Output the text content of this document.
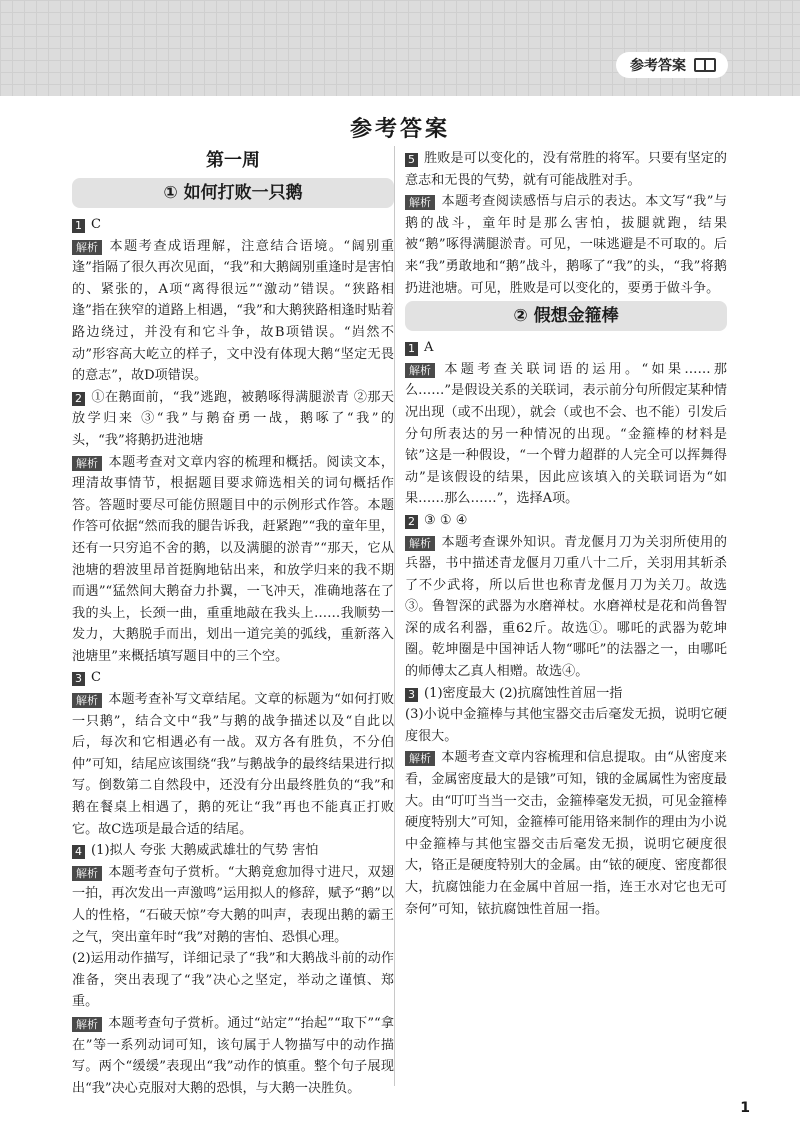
参考答案
参考答案
第一周
① 如何打败一只鹅

1 C

解析 本题考查成语理解，注意结合语境。“阔别重逢”指隔了很久再次见面，“我”和大鹅阔别重逢时是害怕的、紧张的，A项“离得很远”“激动”错误。“狭路相逢”指在狭窄的道路上相遇，“我”和大鹅狭路相逢时贴着路边绕过，并没有和它斗争，故B项错误。“岿然不动”形容高大屹立的样子，文中没有体现大鹅“坚定无畏的意志”，故D项错误。

2 ①在鹅面前，“我”逃跑，被鹅啄得满腿淤青 ②那天放学归来 ③“我”与鹅奋勇一战，鹅啄了“我”的头，“我”将鹅扔进池塘

解析 本题考查对文章内容的梳理和概括。阅读文本，理清故事情节，根据题目要求筛选相关的词句概括作答。答题时要尽可能仿照题目中的示例形式作答。本题作答可依据“然而我的腿告诉我，赶紧跑”“我的童年里，还有一只穷追不舍的鹅，以及满腿的淤青”“那天，它从池塘的碧波里昂首挺胸地钻出来，和放学归来的我不期而遇”“猛然间大鹅奋力扑翼，一飞冲天，准确地落在了我的头上，长颈一曲，重重地敲在我头上……我顺势一发力，大鹅脱手而出，划出一道完美的弧线，重新落入池塘里”来概括填写题目中的三个空。

3 C

解析 本题考查补写文章结尾。文章的标题为“如何打败一只鹅”，结合文中“我”与鹅的战争描述以及“自此以后，每次和它相遇必有一战。双方各有胜负，不分伯仲”可知，结尾应该围绕“我”与鹅战争的最终结果进行拟写。倒数第二自然段中，还没有分出最终胜负的“我”和鹅在餐桌上相遇了，鹅的死让“我”再也不能真正打败它。故C选项是最合适的结尾。

4 (1)拟人 夸张 大鹅威武雄壮的气势 害怕

解析 本题考查句子赏析。“大鹅竟愈加得寸进尺，双翅一拍，再次发出一声激鸣”运用拟人的修辞，赋予“鹅”以人的性格，“石破天惊”夸大鹅的叫声，表现出鹅的霸王之气，突出童年时“我”对鹅的害怕、恐惧心理。

(2)运用动作描写，详细记录了“我”和大鹅战斗前的动作准备，突出表现了“我”决心之坚定，举动之谨慎、郑重。

解析 本题考查句子赏析。通过“站定”“抬起”“取下”“拿在”等一系列动词可知，该句属于人物描写中的动作描写。两个“缓缓”表现出“我”动作的慎重。整个句子展现出“我”决心克服对大鹅的恐惧，与大鹅一决胜负。

5 胜败是可以变化的，没有常胜的将军。只要有坚定的意志和无畏的气势，就有可能战胜对手。

解析 本题考查阅读感悟与启示的表达。本文写“我”与鹅的战斗，童年时是那么害怕，拔腿就跑，结果被“鹅”啄得满腿淤青。可见，一味逃避是不可取的。后来“我”勇敢地和“鹅”战斗，鹅啄了“我”的头，“我”将鹅扔进池塘。可见，胜败是可以变化的，要勇于做斗争。

② 假想金箍棒

1 A

解析 本题考查关联词语的运用。“如果……那么……”是假设关系的关联词，表示前分句所假定某种情况出现（或不出现），就会（或也不会、也不能）引发后分句所表达的另一种情况的出现。“金箍棒的材料是铱”这是一种假设，“一个臂力超群的人完全可以挥舞得动”是该假设的结果，因此应该填入的关联词语为“如果……那么……”，选择A项。

2 ③ ① ④

解析 本题考查课外知识。青龙偃月刀为关羽所使用的兵器，书中描述青龙偃月刀重八十二斤，关羽用其斩杀了不少武将，所以后世也称青龙偃月刀为关刀。故选③。鲁智深的武器为水磨禅杖。水磨禅杖是花和尚鲁智深的成名利器，重62斤。故选①。哪吒的武器为乾坤圈。乾坤圈是中国神话人物“哪吒”的法器之一，由哪吒的师傅太乙真人相赠。故选④。

3 (1)密度最大 (2)抗腐蚀性首屈一指

(3)小说中金箍棒与其他宝器交击后毫发无损，说明它硬度很大。

解析 本题考查文章内容梳理和信息提取。由“从密度来看，金属密度最大的是锇”可知，锇的金属属性为密度最大。由“叮叮当当一交击，金箍棒毫发无损，可见金箍棒硬度特别大”可知，金箍棒可能用铬来制作的理由为小说中金箍棒与其他宝器交击后毫发无损，说明它硬度很大，铬正是硬度特别大的金属。由“铱的硬度、密度都很大，抗腐蚀能力在金属中首屈一指，连王水对它也无可奈何”可知，铱抗腐蚀性首屈一指。

1
